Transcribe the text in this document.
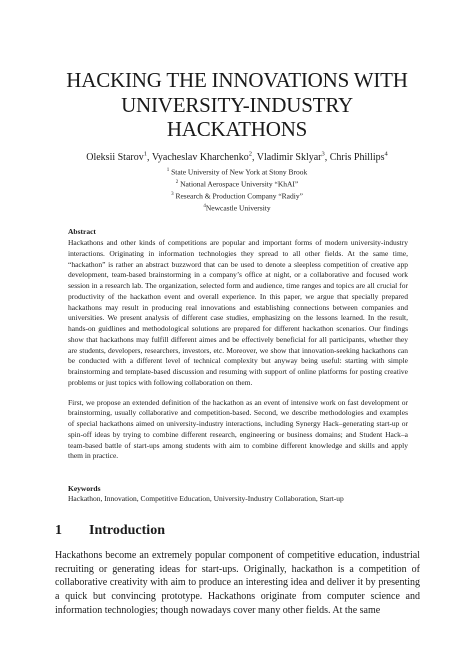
HACKING THE INNOVATIONS WITH
UNIVERSITY-INDUSTRY
HACKATHONS
Oleksii Starov$^1$, Vyacheslav Kharchenko$^2$, Vladimir Sklyar$^3$, Chris Phillips$^4$
$^1$ State University of New York at Stony Brook
$^2$ National Aerospace University “KhAI”
$^3$ Research & Production Company “Radiy”
$^4$Newcastle University
Abstract

Hackathons and other kinds of competitions are popular and important forms of modern university-industry interactions. Originating in information technologies they spread to all other fields. At the same time, “hackathon” is rather an abstract buzzword that can be used to denote a sleepless competition of creative app development, team-based brainstorming in a company’s office at night, or a collaborative and focused work session in a research lab. The organization, selected form and audience, time ranges and topics are all crucial for productivity of the hackathon event and overall experience. In this paper, we argue that specially prepared hackathons may result in producing real innovations and establishing connections between companies and universities. We present analysis of different case studies, emphasizing on the lessons learned. In the result, hands-on guidlines and methodological solutions are prepared for different hackathon scenarios. Our findings show that hackathons may fulfill different aimes and be effectively beneficial for all participants, whether they are students, developers, researchers, investors, etc. Moreover, we show that innovation-seeking hackathons can be conducted with a different level of technical complexity but anyway being useful: starting with simple brainstorming and template-based discussion and resuming with support of online platforms for posting creative problems or just topics with following collaboration on them.

First, we propose an extended definition of the hackathon as an event of intensive work on fast development or brainstorming, usually collaborative and competition-based. Second, we describe methodologies and examples of special hackathons aimed on university-industry interactions, including Synergy Hack–generating start-up or spin-off ideas by trying to combine different research, engineering or business domains; and Student Hack–a team-based battle of start-ups among students with aim to combine different knowledge and skills and apply them in practice.

Keywords
Hackathon, Innovation, Competitive Education, University-Industry Collaboration, Start-up
1 Introduction
Hackathons become an extremely popular component of competitive education, industrial recruiting or generating ideas for start-ups. Originally, hackathon is a competition of collaborative creativity with aim to produce an interesting idea and deliver it by presenting a quick but convincing prototype. Hackathons originate from computer science and information technologies; though nowadays cover many other fields. At the same
